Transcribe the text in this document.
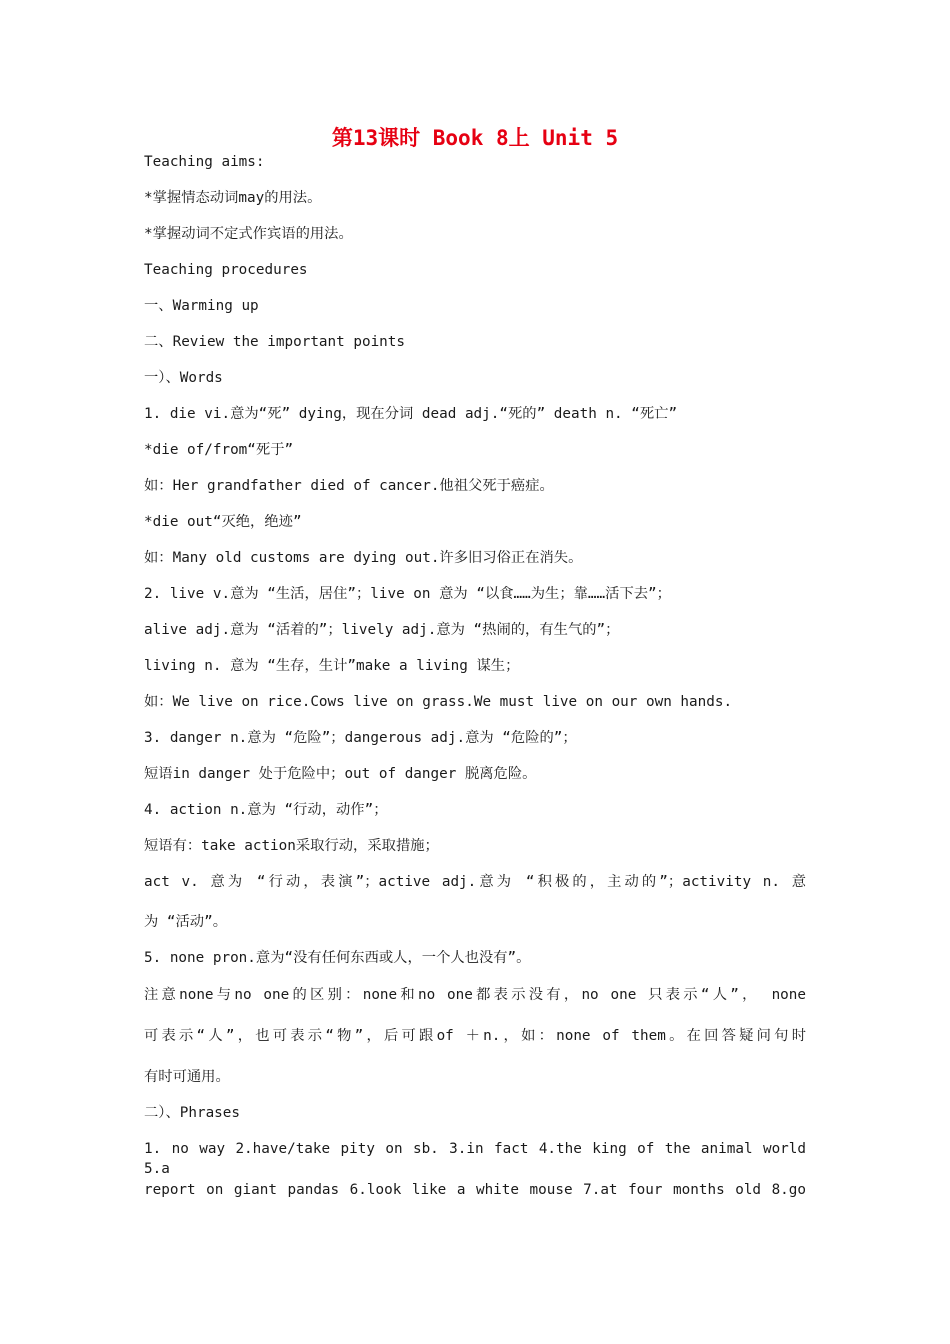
第13课时 Book 8上 Unit 5
Teaching aims:
*掌握情态动词may的用法。
*掌握动词不定式作宾语的用法。
Teaching procedures
一、Warming up
二、Review the important points
一）、Words
1. die vi.意为“死” dying，现在分词 dead adj.“死的” death n. “死亡”
*die of/from“死于”
如：Her grandfather died of cancer.他祖父死于癌症。
*die out“灭绝，绝迹”
如：Many old customs are dying out.许多旧习俗正在消失。
2. live v.意为 “生活，居住”；live on 意为 “以食……为生；靠……活下去”；
alive adj.意为 “活着的”；lively adj.意为 “热闹的，有生气的”；
living n. 意为 “生存，生计”make a living 谋生；
如：We live on rice.Cows live on grass.We must live on our own hands.
3. danger n.意为 “危险”；dangerous adj.意为 “危险的”；
短语in danger 处于危险中；out of danger 脱离危险。
4. action n.意为 “行动，动作”；
短语有：take action采取行动，采取措施；
act v. 意为 “行动，表演”；active adj.意为 “积极的，主动的”；activity n. 意
为 “活动”。
5. none pron.意为“没有任何东西或人，一个人也没有”。
注意none与no one的区别：none和no one都表示没有，no one 只表示“人”， none
可表示“人”，也可表示“物”，后可跟of ＋n.，如：none of them。在回答疑问句时
有时可通用。
二）、Phrases
1. no way 2.have/take pity on sb. 3.in fact 4.the king of the animal world 5.a
report on giant pandas 6.look like a white mouse 7.at four months old 8.go
